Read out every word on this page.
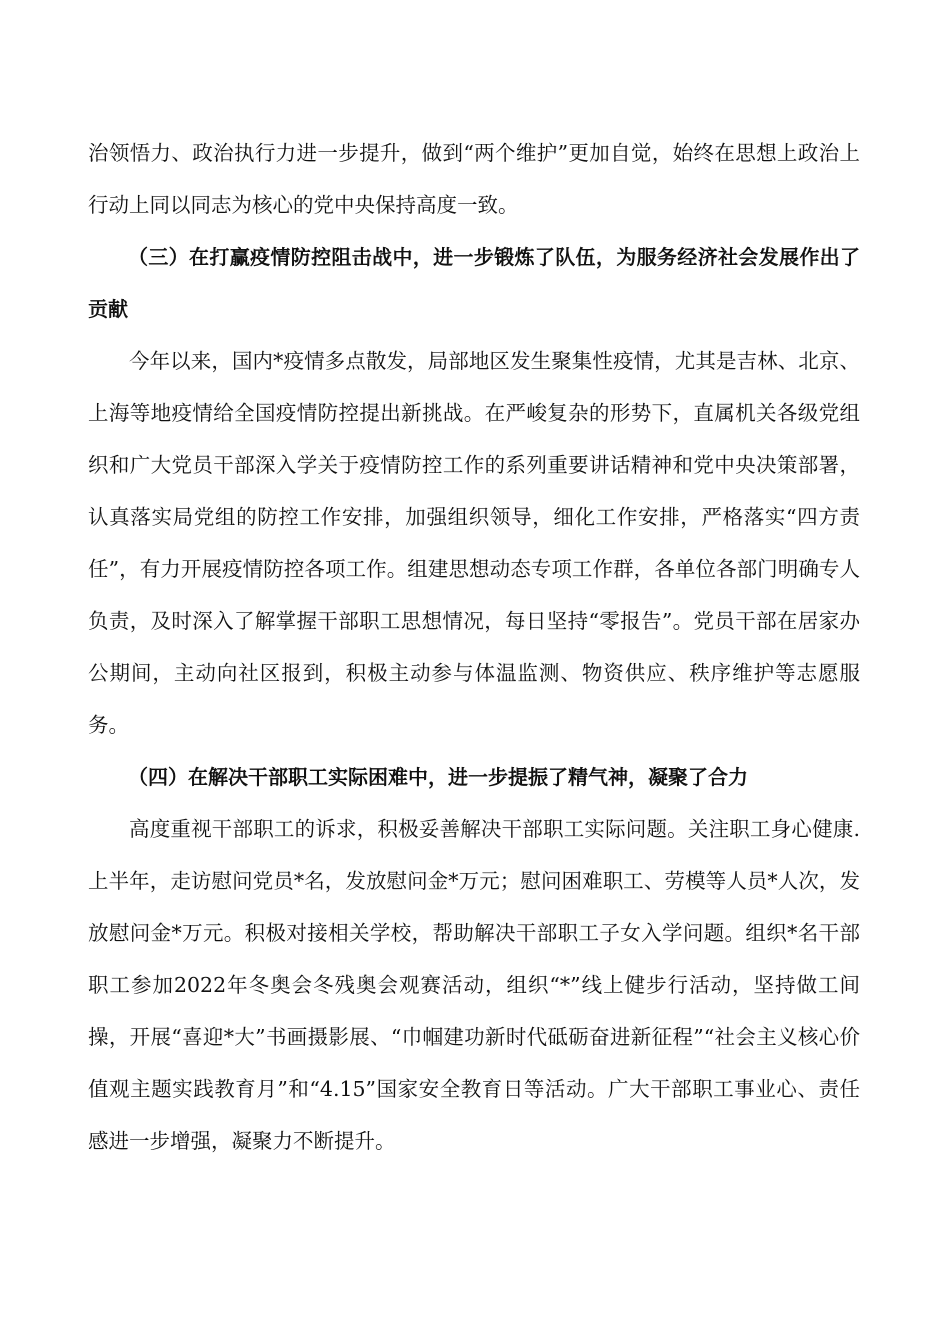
治领悟力、政治执行力进一步提升，做到“两个维护”更加自觉，始终在思想上政治上行动上同以同志为核心的党中央保持高度一致。

（三）在打赢疫情防控阻击战中，进一步锻炼了队伍，为服务经济社会发展作出了贡献

今年以来，国内*疫情多点散发，局部地区发生聚集性疫情，尤其是吉林、北京、上海等地疫情给全国疫情防控提出新挑战。在严峻复杂的形势下，直属机关各级党组织和广大党员干部深入学关于疫情防控工作的系列重要讲话精神和党中央决策部署，认真落实局党组的防控工作安排，加强组织领导，细化工作安排，严格落实“四方责任”，有力开展疫情防控各项工作。组建思想动态专项工作群，各单位各部门明确专人负责，及时深入了解掌握干部职工思想情况，每日坚持“零报告”。党员干部在居家办公期间，主动向社区报到，积极主动参与体温监测、物资供应、秩序维护等志愿服务。

（四）在解决干部职工实际困难中，进一步提振了精气神，凝聚了合力

高度重视干部职工的诉求，积极妥善解决干部职工实际问题。关注职工身心健康.上半年，走访慰问党员*名，发放慰问金*万元；慰问困难职工、劳模等人员*人次，发放慰问金*万元。积极对接相关学校，帮助解决干部职工子女入学问题。组织*名干部职工参加2022年冬奥会冬残奥会观赛活动，组织“*”线上健步行活动，坚持做工间操，开展“喜迎*大”书画摄影展、“巾帼建功新时代砥砺奋进新征程”“社会主义核心价值观主题实践教育月”和“4.15”国家安全教育日等活动。广大干部职工事业心、责任感进一步增强，凝聚力不断提升。
